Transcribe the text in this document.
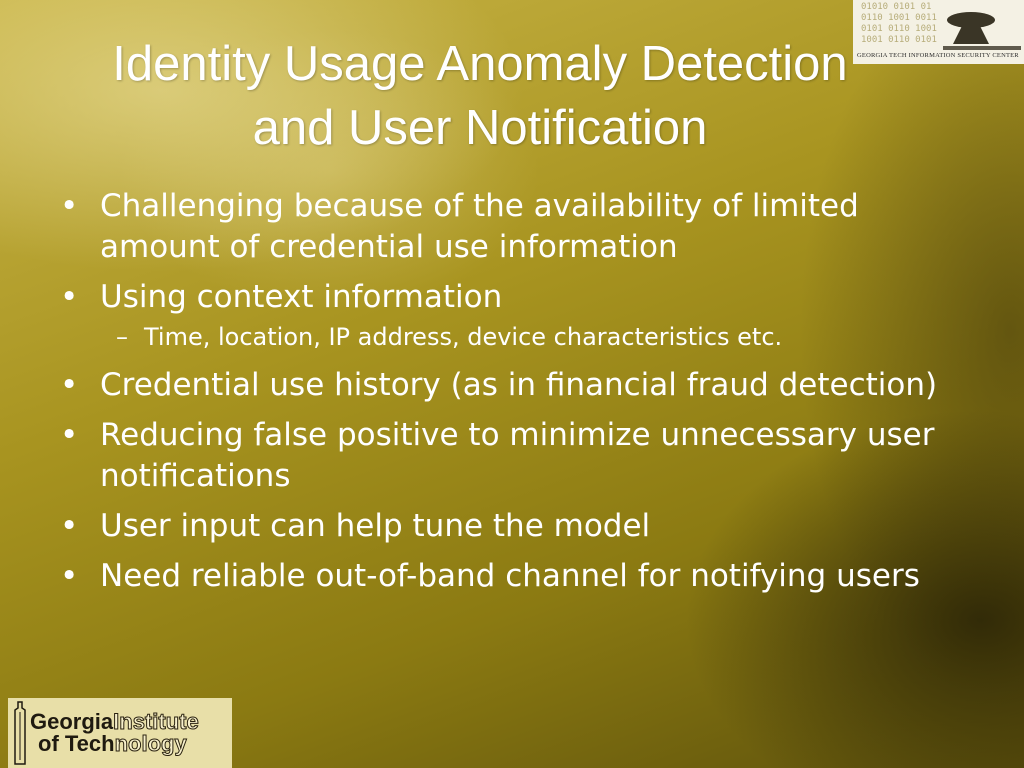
Identity Usage Anomaly Detection
and User Notification
• Challenging because of the availability of limited amount of credential use information
• Using context information
– Time, location, IP address, device characteristics etc.
• Credential use history (as in financial fraud detection)
• Reducing false positive to minimize unnecessary user notifications
• User input can help tune the model
• Need reliable out-of-band channel for notifying users
01010 0101 01
0110 1001 0011
0101 0110 1001
1001 0110 0101
GEORGIA TECH INFORMATION SECURITY CENTER
GeorgiaInstitute
of Technology
